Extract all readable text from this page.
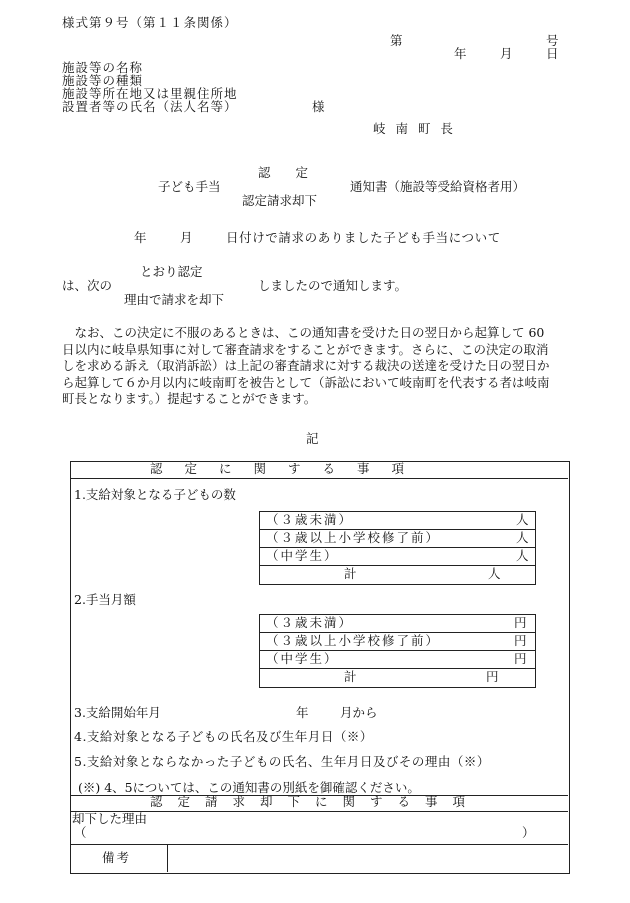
様式第９号（第１１条関係）
第	号
年	月	日
施設等の名称
施設等の種類
施設等所在地又は里親住所地
設置者等の氏名（法人名等）	様
岐 南 町 長
認　　定
子ども手当	通知書（施設等受給資格者用）
認定請求却下
年	月	日付けで請求のありました子ども手当について
とおり認定
は、次の	しましたので通知します。
理由で請求を却下
なお、この決定に不服のあるときは、この通知書を受けた日の翌日から起算して 60 日以内に岐阜県知事に対して審査請求をすることができます。さらに、この決定の取消しを求める訴え（取消訴訟）は上記の審査請求に対する裁決の送達を受けた日の翌日から起算して６か月以内に岐南町を被告として（訴訟において岐南町を代表する者は岐南町長となります。）提起することができます。
記
認定に関する事項
1.支給対象となる子どもの数
（３歳未満）	人
（３歳以上小学校修了前）	人
（中学生）	人
計	人
2.手当月額
（３歳未満）	円
（３歳以上小学校修了前）	円
（中学生）	円
計	円
3.支給開始年月	年	月から
4.支給対象となる子どもの氏名及び生年月日（※）
5.支給対象とならなかった子どもの氏名、生年月日及びその理由（※）
(※) 4、5については、この通知書の別紙を御確認ください。
認定請求却下に関する事項
却下した理由
（	）
備考
